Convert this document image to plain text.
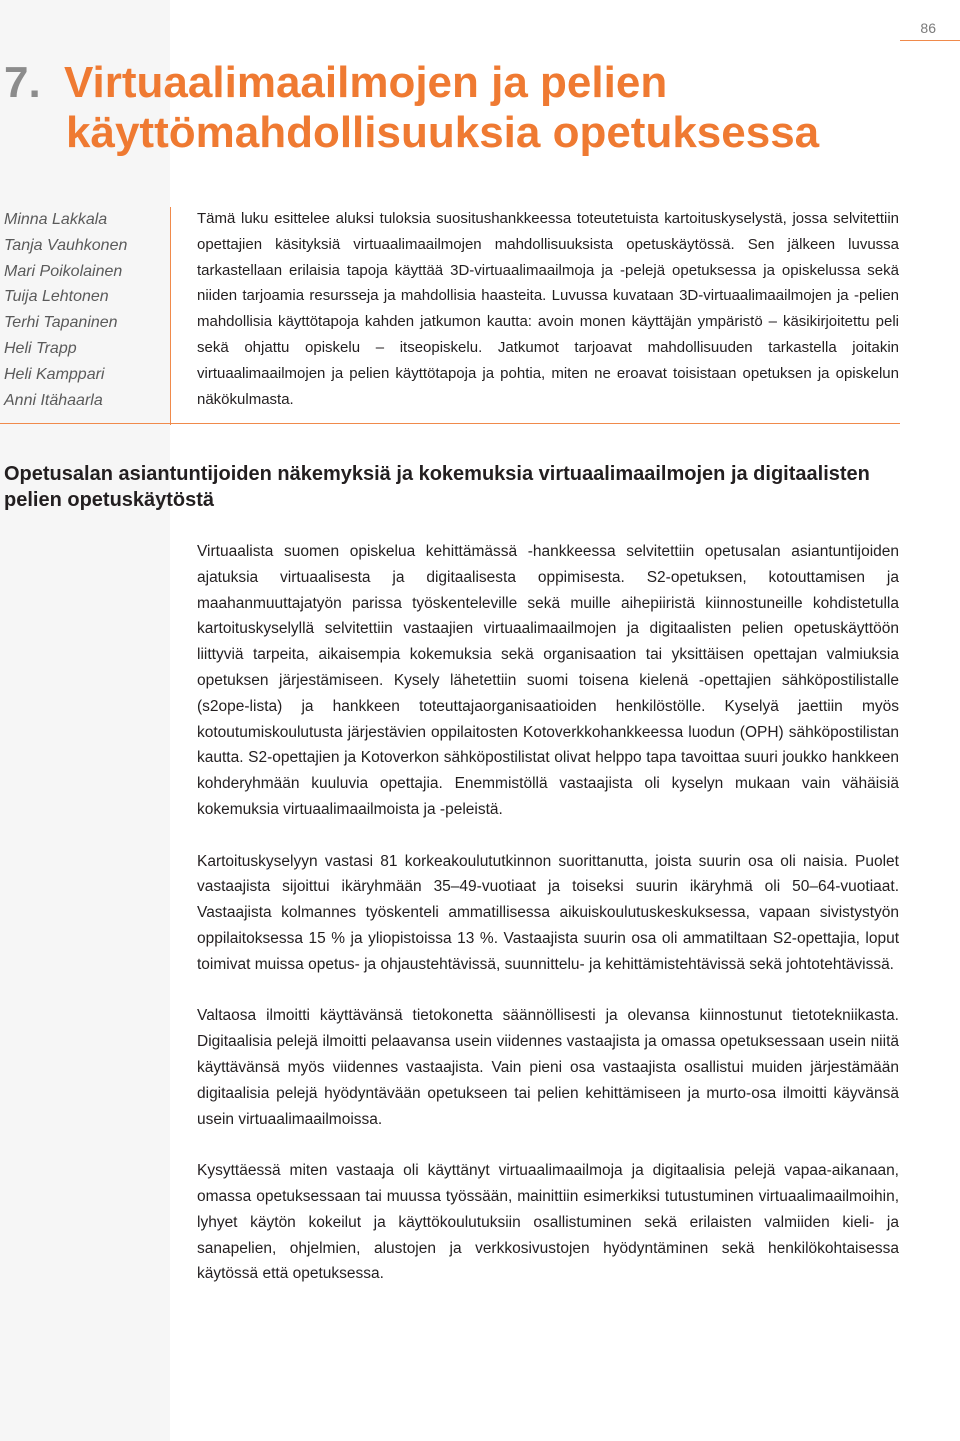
86
7. Virtuaalimaailmojen ja pelien
käyttömahdollisuuksia opetuksessa
Minna Lakkala
Tanja Vauhkonen
Mari Poikolainen
Tuija Lehtonen
Terhi Tapaninen
Heli Trapp
Heli Kamppari
Anni Itähaarla

Tämä luku esittelee aluksi tuloksia suositushankkeessa toteutetuista kartoituskyselystä, jossa selvitettiin opettajien käsityksiä virtuaalimaailmojen mahdollisuuksista opetuskäytössä. Sen jälkeen luvussa tarkastellaan erilaisia tapoja käyttää 3D-virtuaalimaailmoja ja -pelejä opetuksessa ja opiskelussa sekä niiden tarjoamia resursseja ja mahdollisia haasteita. Luvussa kuvataan 3D-virtuaalimaailmojen ja -pelien mahdollisia käyttötapoja kahden jatkumon kautta: avoin monen käyttäjän ympäristö – käsikirjoitettu peli sekä ohjattu opiskelu – itseopiskelu. Jatkumot tarjoavat mahdollisuuden tarkastella joitakin virtuaalimaailmojen ja pelien käyttötapoja ja pohtia, miten ne eroavat toisistaan opetuksen ja opiskelun näkökulmasta.

Opetusalan asiantuntijoiden näkemyksiä ja kokemuksia virtuaalimaailmojen ja digitaalisten pelien opetuskäytöstä

Virtuaalista suomen opiskelua kehittämässä -hankkeessa selvitettiin opetusalan asiantuntijoiden ajatuksia virtuaalisesta ja digitaalisesta oppimisesta. S2-opetuksen, kotouttamisen ja maahanmuuttajatyön parissa työskenteleville sekä muille aihepiiristä kiinnostuneille kohdistetulla kartoituskyselyllä selvitettiin vastaajien virtuaalimaailmojen ja digitaalisten pelien opetuskäyttöön liittyviä tarpeita, aikaisempia kokemuksia sekä organisaation tai yksittäisen opettajan valmiuksia opetuksen järjestämiseen. Kysely lähetettiin suomi toisena kielenä -opettajien sähköpostilistalle (s2ope-lista) ja hankkeen toteuttajaorganisaatioiden henkilöstölle. Kyselyä jaettiin myös kotoutumiskoulutusta järjestävien oppilaitosten Kotoverkkohankkeessa luodun (OPH) sähköpostilistan kautta. S2-opettajien ja Kotoverkon sähköpostilistat olivat helppo tapa tavoittaa suuri joukko hankkeen kohderyhmään kuuluvia opettajia. Enemmistöllä vastaajista oli kyselyn mukaan vain vähäisiä kokemuksia virtuaalimaailmoista ja -peleistä.

Kartoituskyselyyn vastasi 81 korkeakoulututkinnon suorittanutta, joista suurin osa oli naisia. Puolet vastaajista sijoittui ikäryhmään 35–49-vuotiaat ja toiseksi suurin ikäryhmä oli 50–64-vuotiaat. Vastaajista kolmannes työskenteli ammatillisessa aikuiskoulutuskeskuksessa, vapaan sivistystyön oppilaitoksessa 15 % ja yliopistoissa 13 %. Vastaajista suurin osa oli ammatiltaan S2-opettajia, loput toimivat muissa opetus- ja ohjaustehtävissä, suunnittelu- ja kehittämistehtävissä sekä johtotehtävissä.

Valtaosa ilmoitti käyttävänsä tietokonetta säännöllisesti ja olevansa kiinnostunut tietotekniikasta. Digitaalisia pelejä ilmoitti pelaavansa usein viidennes vastaajista ja omassa opetuksessaan usein niitä käyttävänsä myös viidennes vastaajista. Vain pieni osa vastaajista osallistui muiden järjestämään digitaalisia pelejä hyödyntävään opetukseen tai pelien kehittämiseen ja murto-osa ilmoitti käyvänsä usein virtuaalimaailmoissa.

Kysyttäessä miten vastaaja oli käyttänyt virtuaalimaailmoja ja digitaalisia pelejä vapaa-aikanaan, omassa opetuksessaan tai muussa työssään, mainittiin esimerkiksi tutustuminen virtuaalimaailmoihin, lyhyet käytön kokeilut ja käyttökoulutuksiin osallistuminen sekä erilaisten valmiiden kieli- ja sanapelien, ohjelmien, alustojen ja verkkosivustojen hyödyntäminen sekä henkilökohtaisessa käytössä että opetuksessa.
